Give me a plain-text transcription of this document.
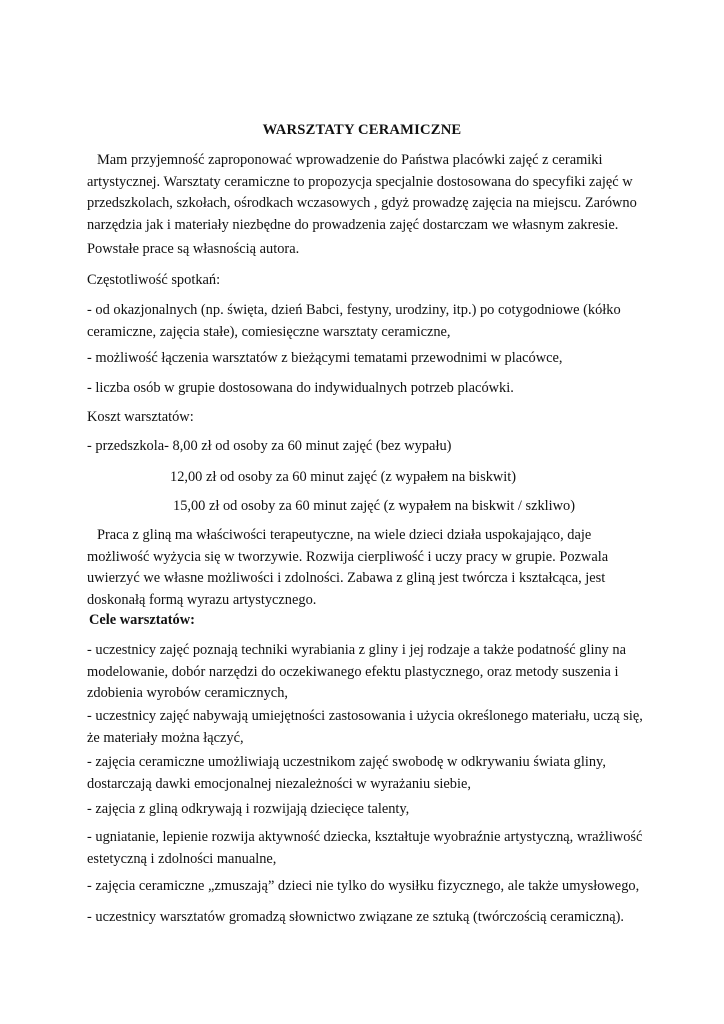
WARSZTATY CERAMICZNE

Mam przyjemność zaproponować wprowadzenie do Państwa placówki zajęć z ceramiki artystycznej. Warsztaty ceramiczne to propozycja specjalnie dostosowana do specyfiki zajęć w przedszkolach, szkołach, ośrodkach wczasowych , gdyż prowadzę zajęcia na miejscu. Zarówno narzędzia jak i materiały niezbędne do prowadzenia zajęć dostarczam we własnym zakresie.

Powstałe prace są własnością autora.

Częstotliwość spotkań:

- od okazjonalnych (np. święta, dzień Babci, festyny, urodziny, itp.) po cotygodniowe (kółko ceramiczne, zajęcia stałe), comiesięczne warsztaty ceramiczne,

- możliwość łączenia warsztatów z bieżącymi tematami przewodnimi w placówce,

- liczba osób w grupie dostosowana do indywidualnych potrzeb placówki.

Koszt warsztatów:

- przedszkola- 8,00 zł od osoby za 60 minut zajęć (bez wypału)

12,00 zł od osoby za 60 minut zajęć (z wypałem na biskwit)

15,00 zł od osoby za 60 minut zajęć (z wypałem na biskwit / szkliwo)

Praca z gliną ma właściwości terapeutyczne, na wiele dzieci działa uspokajająco, daje możliwość wyżycia się w tworzywie. Rozwija cierpliwość i uczy pracy w grupie. Pozwala uwierzyć we własne możliwości i zdolności. Zabawa z gliną jest twórcza i kształcąca, jest doskonałą formą wyrazu artystycznego.

Cele warsztatów:

- uczestnicy zajęć poznają techniki wyrabiania z gliny i jej rodzaje a także podatność gliny na modelowanie, dobór narzędzi do oczekiwanego efektu plastycznego, oraz metody suszenia i zdobienia wyrobów ceramicznych,

- uczestnicy zajęć nabywają umiejętności zastosowania i użycia określonego materiału, uczą się, że materiały można łączyć,

- zajęcia ceramiczne umożliwiają uczestnikom zajęć swobodę w odkrywaniu świata gliny, dostarczają dawki emocjonalnej niezależności w wyrażaniu siebie,

- zajęcia z gliną odkrywają i rozwijają dziecięce talenty,

- ugniatanie, lepienie rozwija aktywność dziecka, kształtuje wyobraźnie artystyczną, wrażliwość estetyczną i zdolności manualne,

- zajęcia ceramiczne „zmuszają” dzieci nie tylko do wysiłku fizycznego, ale także umysłowego,

- uczestnicy warsztatów gromadzą słownictwo związane ze sztuką (twórczością ceramiczną).
